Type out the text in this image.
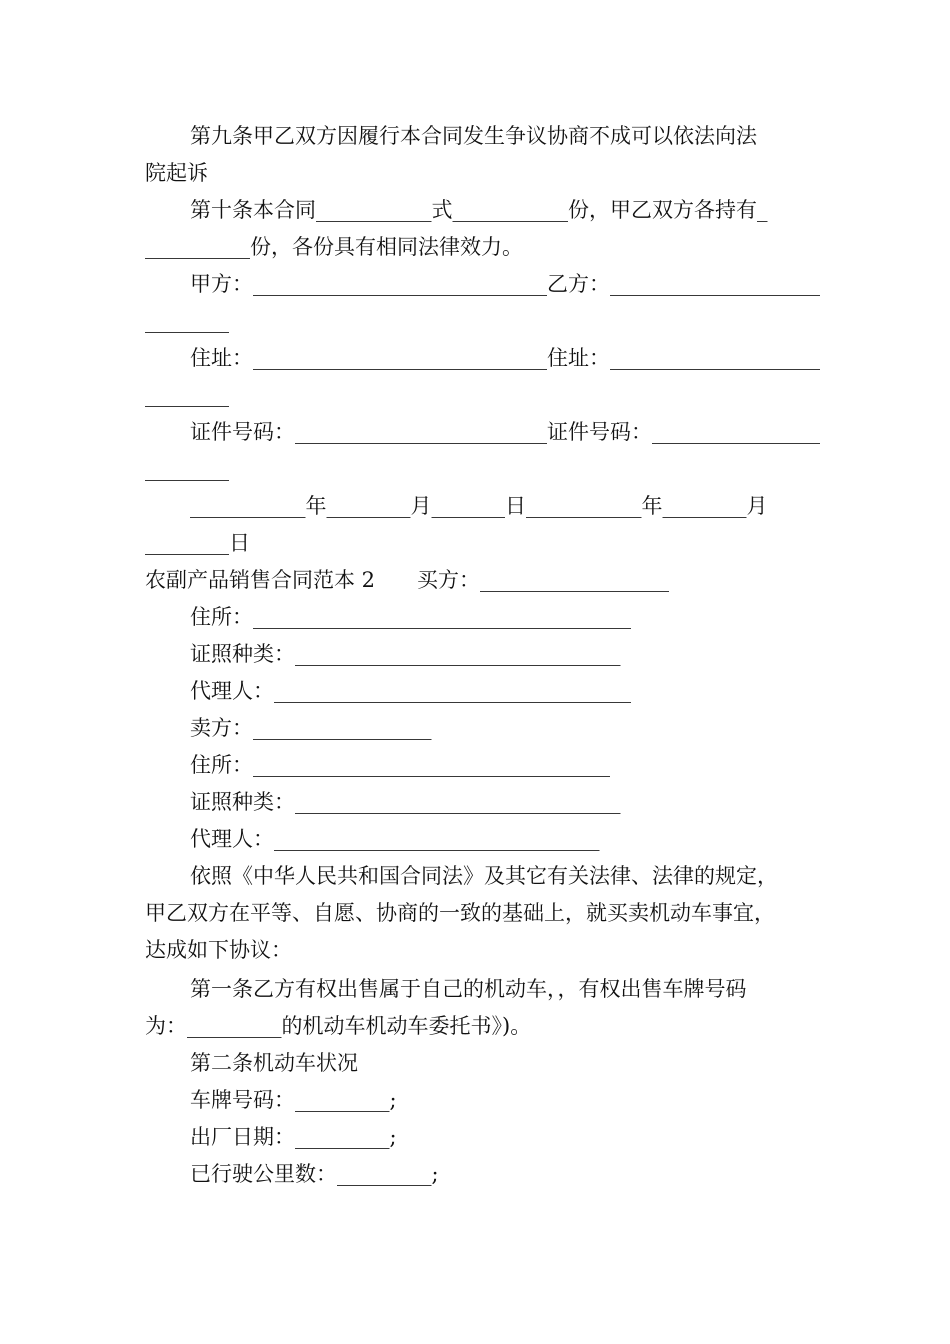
第九条甲乙双方因履行本合同发生争议协商不成可以依法向法
院起诉
第十条本合同___________式___________份，甲乙双方各持有_
__________份，各份具有相同法律效力。
甲方：____________________________乙方：____________________
________
住址：____________________________住址：____________________
________
证件号码：________________________证件号码：________________
________
___________年________月_______日___________年________月
________日
农副产品销售合同范本 2　　买方：__________________
住所：____________________________________
证照种类：_______________________________
代理人：__________________________________
卖方：_________________
住所：__________________________________
证照种类：_______________________________
代理人：_______________________________
依照《中华人民共和国合同法》及其它有关法律、法律的规定，
甲乙双方在平等、自愿、协商的一致的基础上，就买卖机动车事宜，
达成如下协议：
第一条乙方有权出售属于自己的机动车，，有权出售车牌号码
为：_________的机动车机动车委托书》)。
第二条机动车状况
车牌号码：_________;
出厂日期：_________;
已行驶公里数：_________;
